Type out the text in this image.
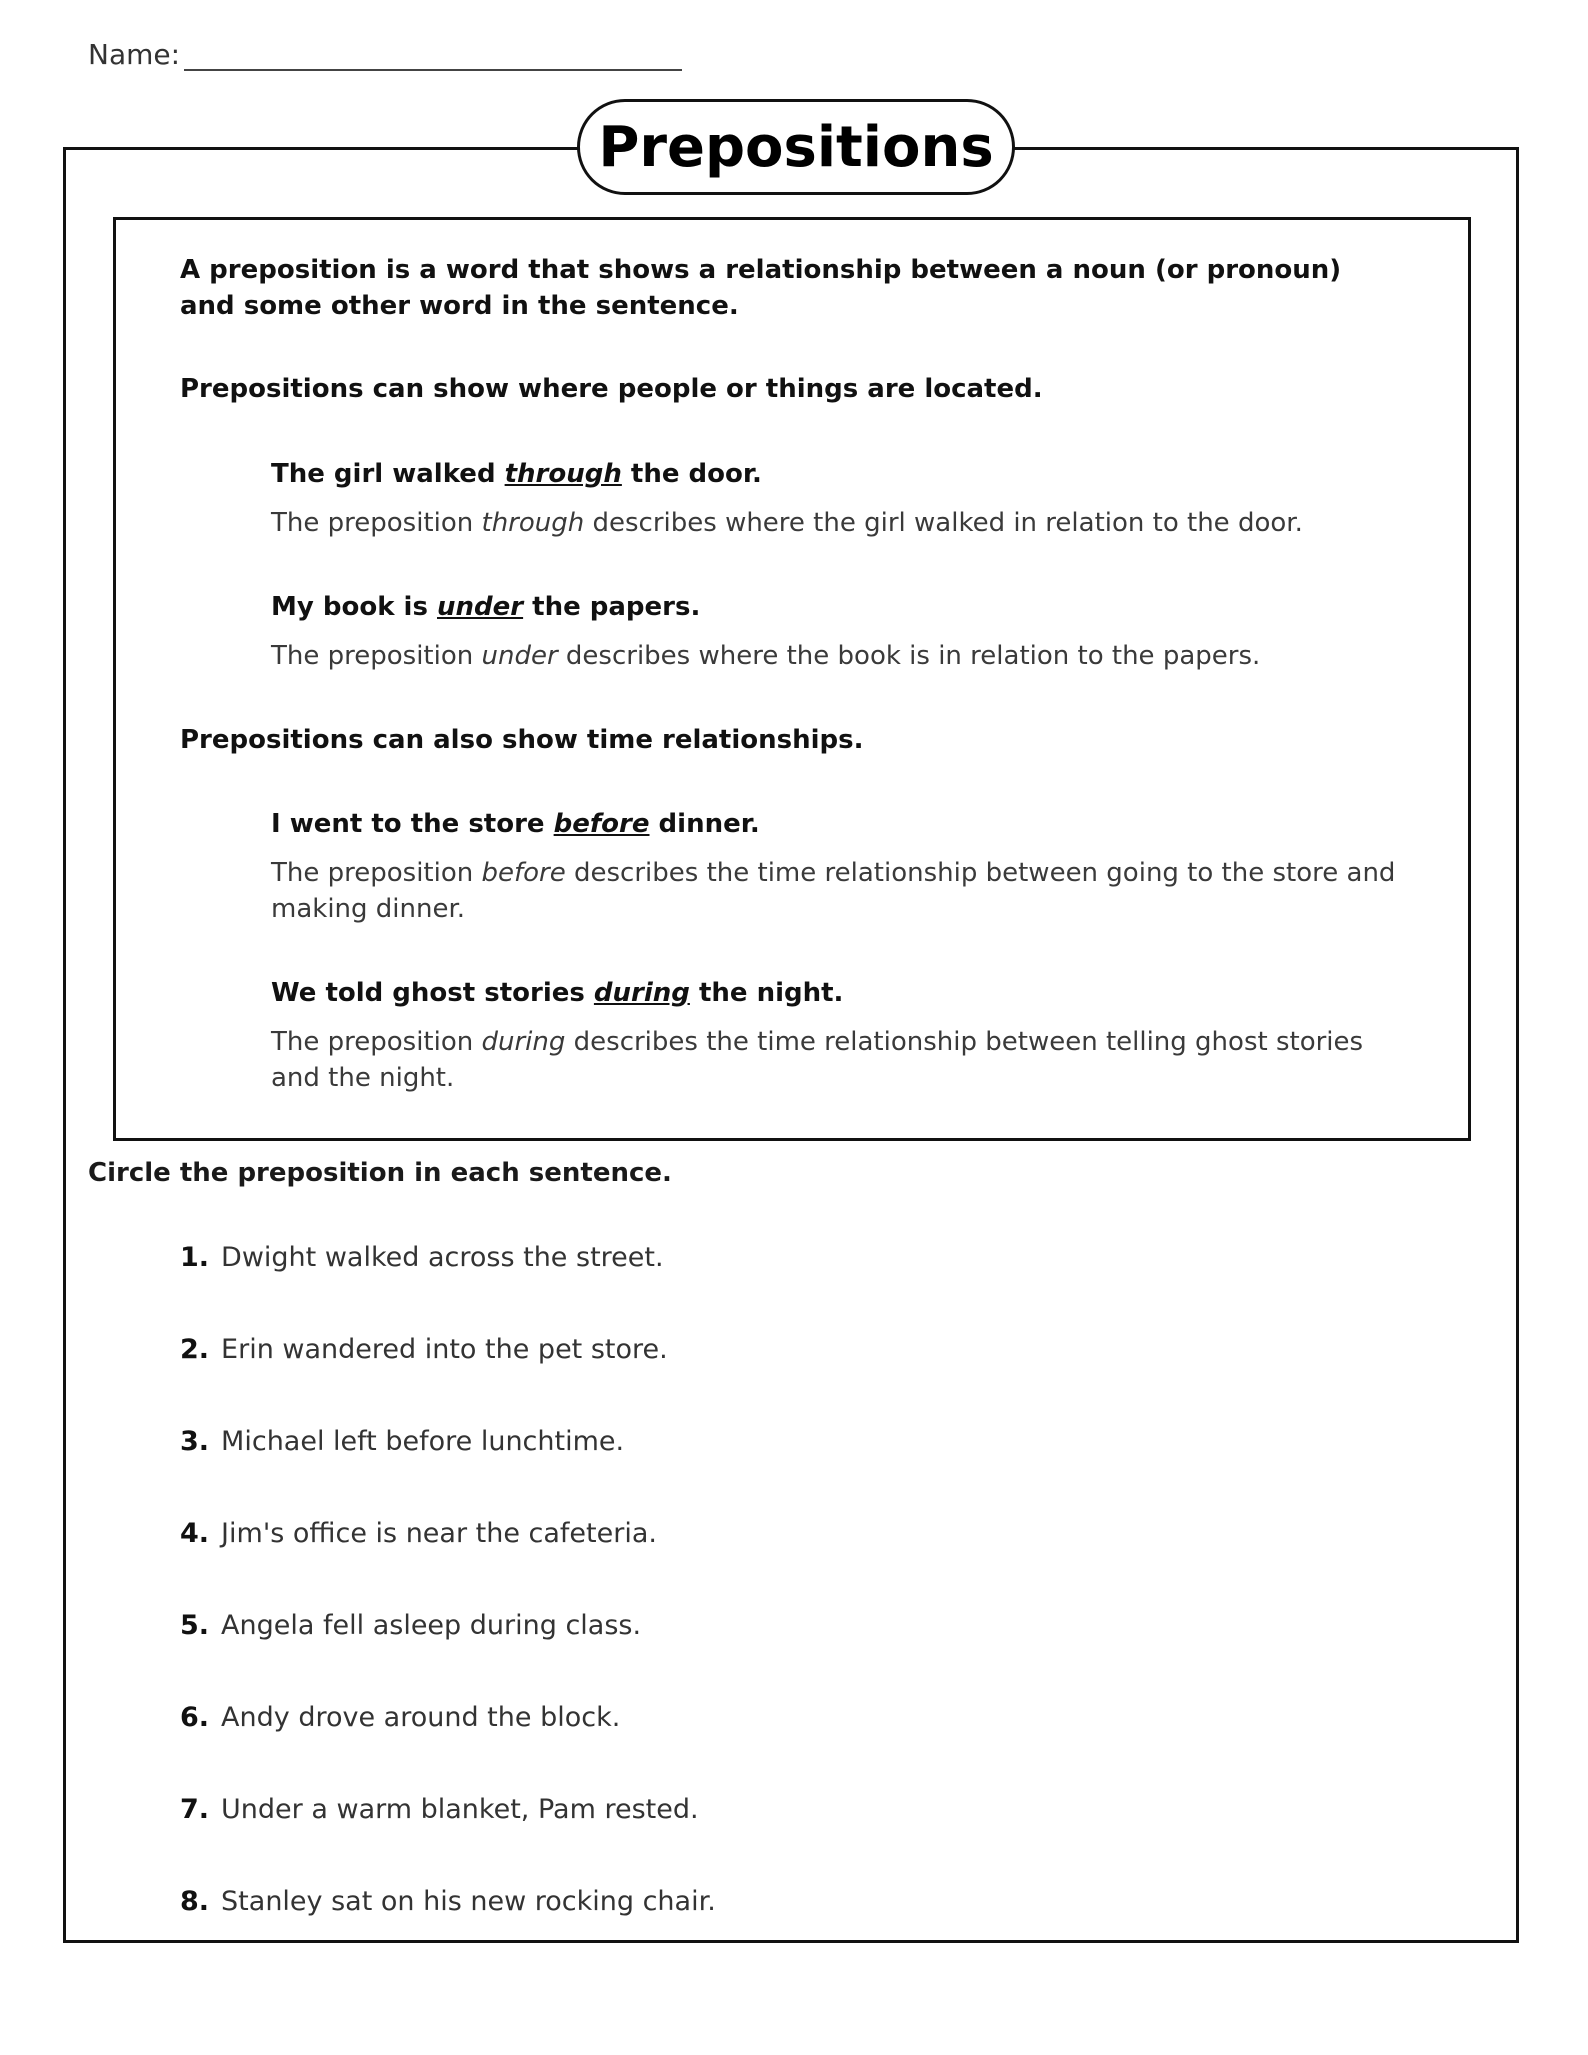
Name:
Prepositions
A preposition is a word that shows a relationship between a noun (or pronoun) and some other word in the sentence.
Prepositions can show where people or things are located.
The girl walked through the door.
The preposition through describes where the girl walked in relation to the door.
My book is under the papers.
The preposition under describes where the book is in relation to the papers.
Prepositions can also show time relationships.
I went to the store before dinner.
The preposition before describes the time relationship between going to the store and making dinner.
We told ghost stories during the night.
The preposition during describes the time relationship between telling ghost stories and the night.
Circle the preposition in each sentence.
1. Dwight walked across the street.
2. Erin wandered into the pet store.
3. Michael left before lunchtime.
4. Jim's office is near the cafeteria.
5. Angela fell asleep during class.
6. Andy drove around the block.
7. Under a warm blanket, Pam rested.
8. Stanley sat on his new rocking chair.
